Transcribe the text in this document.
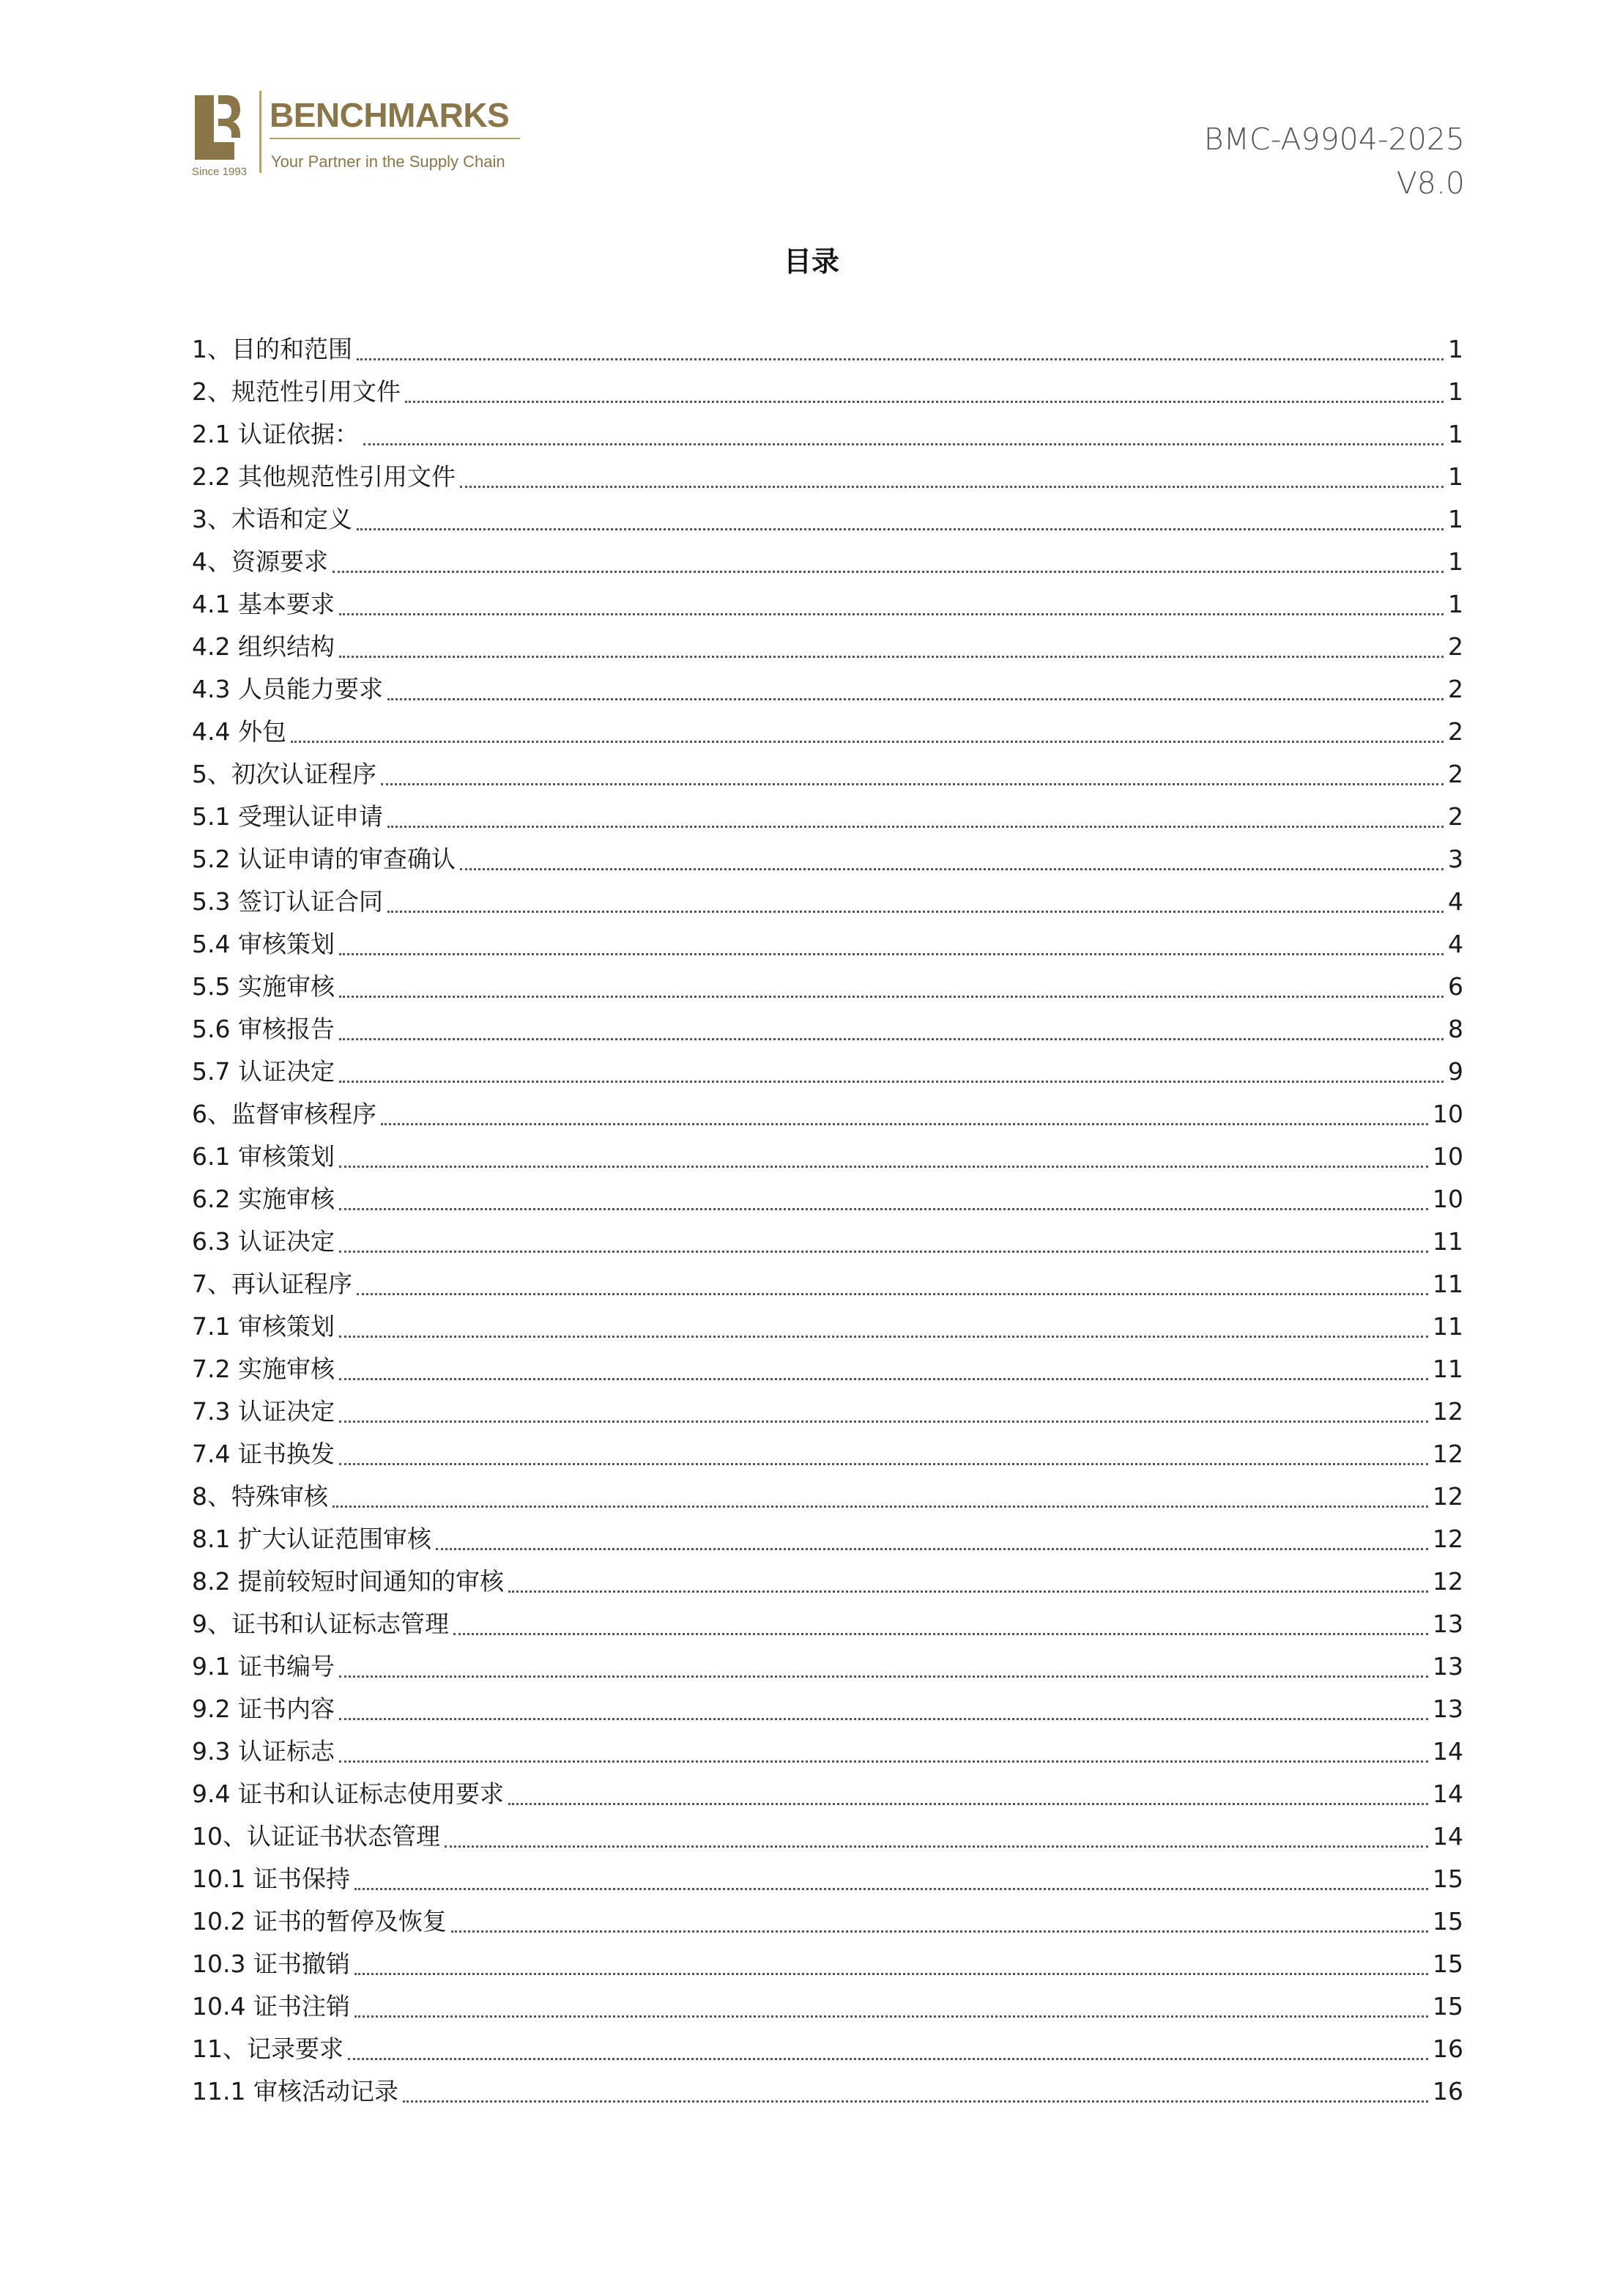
Since 1993
BENCHMARKS
Your Partner in the Supply Chain
BMC-A9904-2025
V8.0
目录
1、目的和范围	1
2、规范性引用文件	1
2.1 认证依据：	1
2.2 其他规范性引用文件	1
3、术语和定义	1
4、资源要求	1
4.1 基本要求	1
4.2 组织结构	2
4.3 人员能力要求	2
4.4 外包	2
5、初次认证程序	2
5.1 受理认证申请	2
5.2 认证申请的审查确认	3
5.3 签订认证合同	4
5.4 审核策划	4
5.5 实施审核	6
5.6 审核报告	8
5.7 认证决定	9
6、监督审核程序	10
6.1 审核策划	10
6.2 实施审核	10
6.3 认证决定	11
7、再认证程序	11
7.1 审核策划	11
7.2 实施审核	11
7.3 认证决定	12
7.4 证书换发	12
8、特殊审核	12
8.1 扩大认证范围审核	12
8.2 提前较短时间通知的审核	12
9、证书和认证标志管理	13
9.1 证书编号	13
9.2 证书内容	13
9.3 认证标志	14
9.4 证书和认证标志使用要求	14
10、认证证书状态管理	14
10.1 证书保持	15
10.2 证书的暂停及恢复	15
10.3 证书撤销	15
10.4 证书注销	15
11、记录要求	16
11.1 审核活动记录	16
